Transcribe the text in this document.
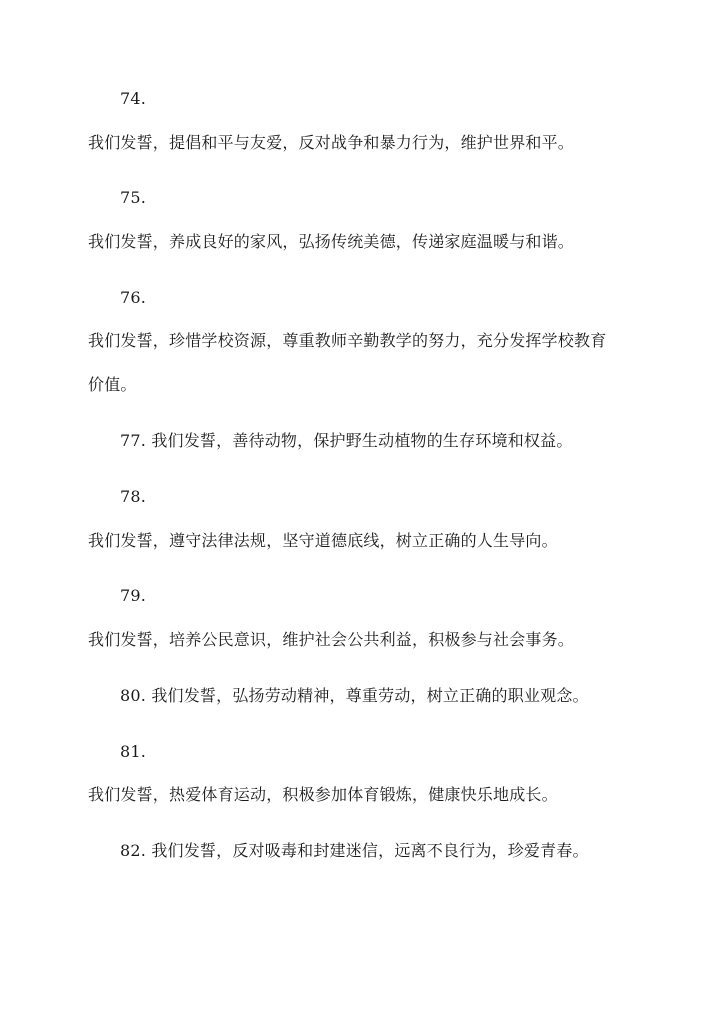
74.
我们发誓，提倡和平与友爱，反对战争和暴力行为，维护世界和平。
75.
我们发誓，养成良好的家风，弘扬传统美德，传递家庭温暖与和谐。
76.
我们发誓，珍惜学校资源，尊重教师辛勤教学的努力，充分发挥学校教育
价值。
77. 我们发誓，善待动物，保护野生动植物的生存环境和权益。
78.
我们发誓，遵守法律法规，坚守道德底线，树立正确的人生导向。
79.
我们发誓，培养公民意识，维护社会公共利益，积极参与社会事务。
80. 我们发誓，弘扬劳动精神，尊重劳动，树立正确的职业观念。
81.
我们发誓，热爱体育运动，积极参加体育锻炼，健康快乐地成长。
82. 我们发誓，反对吸毒和封建迷信，远离不良行为，珍爱青春。
